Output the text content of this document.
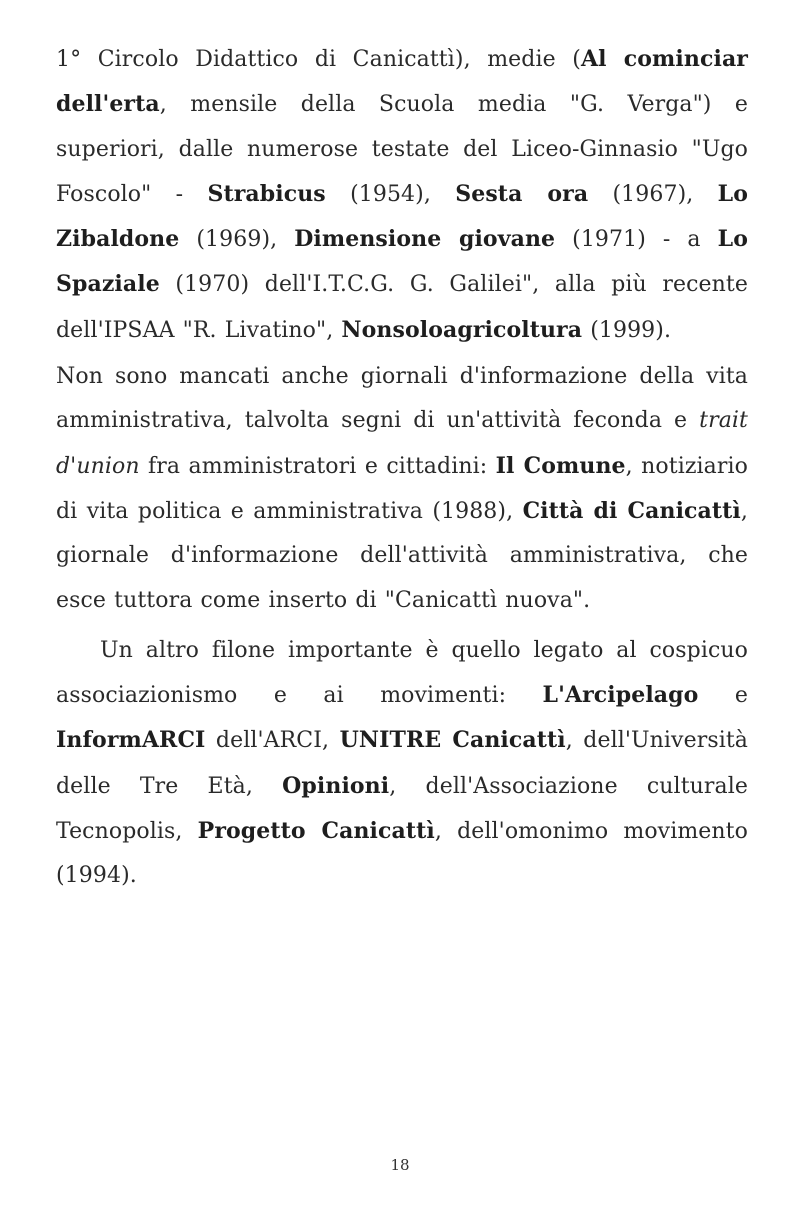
1° Circolo Didattico di Canicattì), medie (Al cominciar dell'erta, mensile della Scuola media "G. Verga") e superiori, dalle numerose testate del Liceo-Ginnasio "Ugo Foscolo" - Strabicus (1954), Sesta ora (1967), Lo Zibaldone (1969), Dimensione giovane (1971) - a Lo Spaziale (1970) dell'I.T.C.G. G. Galilei", alla più recente dell'IPSAA "R. Livatino", Nonsoloagricoltura (1999).

Non sono mancati anche giornali d'informazione della vita amministrativa, talvolta segni di un'attività feconda e trait d'union fra amministratori e cittadini: Il Comune, notiziario di vita politica e amministrativa (1988), Città di Canicattì, giornale d'informazione dell'attività amministrativa, che esce tuttora come inserto di "Canicattì nuova".

Un altro filone importante è quello legato al cospicuo associazionismo e ai movimenti: L'Arcipelago e InformARCI dell'ARCI, UNITRE Canicattì, dell'Università delle Tre Età, Opinioni, dell'Associazione culturale Tecnopolis, Progetto Canicattì, dell'omonimo movimento (1994).

18
